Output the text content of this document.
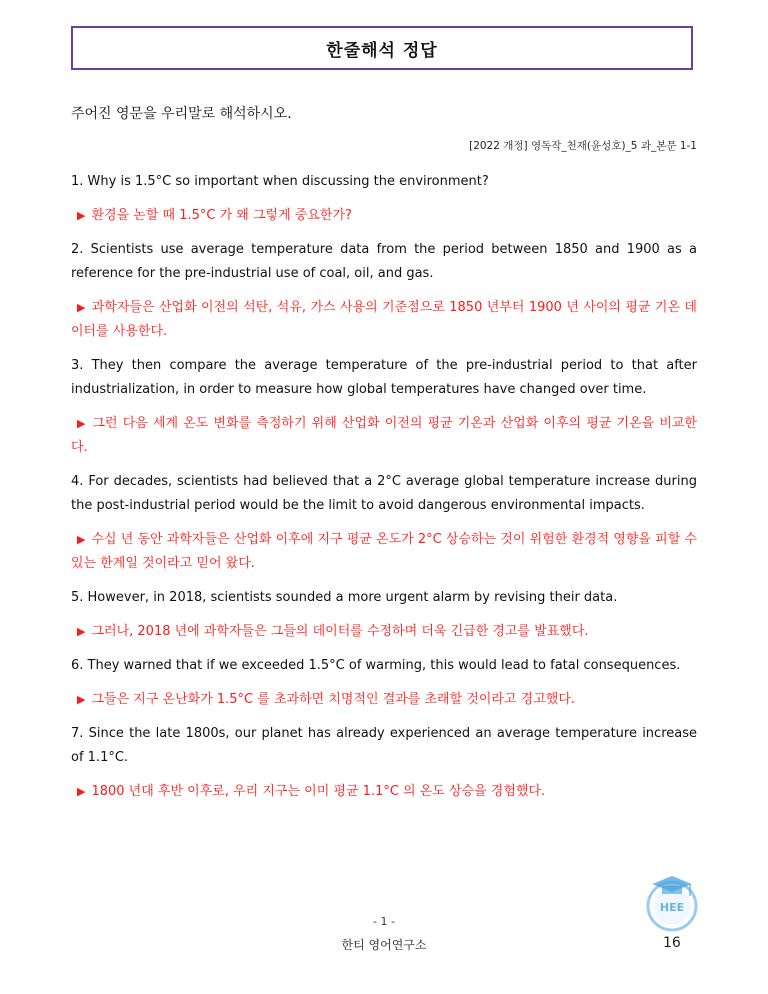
한줄해석 정답
주어진 영문을 우리말로 해석하시오.
[2022 개정] 영독작_천재(윤성호)_5 과_본문 1-1

1. Why is 1.5°C so important when discussing the environment?

▶ 환경을 논할 때 1.5°C 가 왜 그렇게 중요한가?

2. Scientists use average temperature data from the period between 1850 and 1900 as a reference for the pre-industrial use of coal, oil, and gas.

▶ 과학자들은 산업화 이전의 석탄, 석유, 가스 사용의 기준점으로 1850 년부터 1900 년 사이의 평균 기온 데이터를 사용한다.

3. They then compare the average temperature of the pre-industrial period to that after industrialization, in order to measure how global temperatures have changed over time.

▶ 그런 다음 세계 온도 변화를 측정하기 위해 산업화 이전의 평균 기온과 산업화 이후의 평균 기온을 비교한다.

4. For decades, scientists had believed that a 2°C average global temperature increase during the post-industrial period would be the limit to avoid dangerous environmental impacts.

▶ 수십 년 동안 과학자들은 산업화 이후에 지구 평균 온도가 2°C 상승하는 것이 위험한 환경적 영향을 피할 수 있는 한계일 것이라고 믿어 왔다.

5. However, in 2018, scientists sounded a more urgent alarm by revising their data.

▶ 그러나, 2018 년에 과학자들은 그들의 데이터를 수정하며 더욱 긴급한 경고를 발표했다.

6. They warned that if we exceeded 1.5°C of warming, this would lead to fatal consequences.

▶ 그들은 지구 온난화가 1.5°C 를 초과하면 치명적인 결과를 초래할 것이라고 경고했다.

7. Since the late 1800s, our planet has already experienced an average temperature increase of 1.1°C.

▶ 1800 년대 후반 이후로, 우리 지구는 이미 평균 1.1°C 의 온도 상승을 경험했다.

HEE
- 1 -
한티 영어연구소	16
